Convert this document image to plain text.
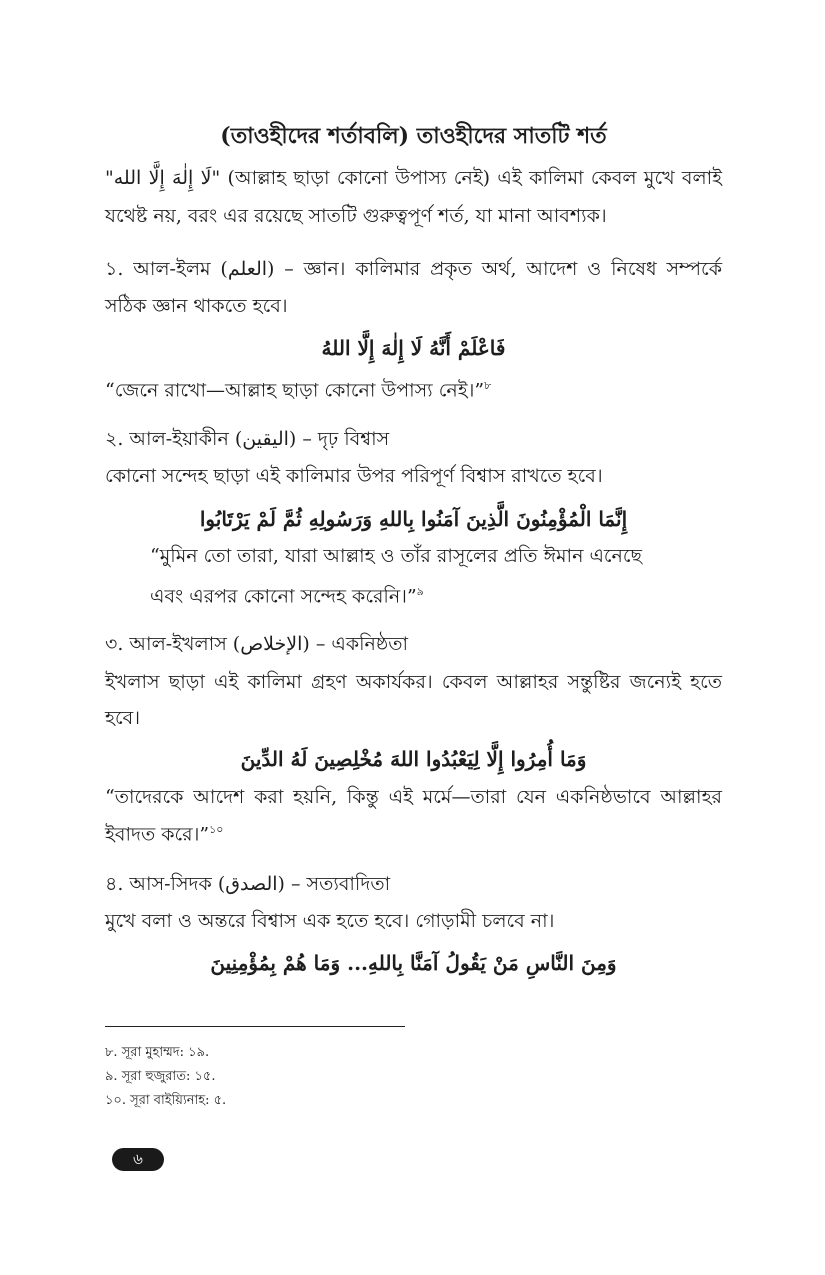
(তাওহীদের শর্তাবলি) তাওহীদের সাতটি শর্ত
"لَا إِلٰهَ إِلَّا الله" (আল্লাহ ছাড়া কোনো উপাস্য নেই) এই কালিমা কেবল মুখে বলাই
যথেষ্ট নয়, বরং এর রয়েছে সাতটি গুরুত্বপূর্ণ শর্ত, যা মানা আবশ্যক।
১. আল-ইলম (العلم) – জ্ঞান। কালিমার প্রকৃত অর্থ, আদেশ ও নিষেধ সম্পর্কে
সঠিক জ্ঞান থাকতে হবে।
فَاعْلَمْ أَنَّهُ لَا إِلٰهَ إِلَّا اللهُ
“জেনে রাখো—আল্লাহ ছাড়া কোনো উপাস্য নেই।”$^৮$
২. আল-ইয়াকীন (اليقين) – দৃঢ় বিশ্বাস
কোনো সন্দেহ ছাড়া এই কালিমার উপর পরিপূর্ণ বিশ্বাস রাখতে হবে।
إِنَّمَا الْمُؤْمِنُونَ الَّذِينَ آمَنُوا بِاللهِ وَرَسُولِهِ ثُمَّ لَمْ يَرْتَابُوا
“মুমিন তো তারা, যারা আল্লাহ ও তাঁর রাসূলের প্রতি ঈমান এনেছে
এবং এরপর কোনো সন্দেহ করেনি।”$^৯$
৩. আল-ইখলাস (الإخلاص) – একনিষ্ঠতা
ইখলাস ছাড়া এই কালিমা গ্রহণ অকার্যকর। কেবল আল্লাহর সন্তুষ্টির জন্যেই হতে
হবে।
وَمَا أُمِرُوا إِلَّا لِيَعْبُدُوا اللهَ مُخْلِصِينَ لَهُ الدِّينَ
“তাদেরকে আদেশ করা হয়নি, কিন্তু এই মর্মে—তারা যেন একনিষ্ঠভাবে আল্লাহর
ইবাদত করে।”$^{১০}$
৪. আস-সিদক (الصدق) – সত্যবাদিতা
মুখে বলা ও অন্তরে বিশ্বাস এক হতে হবে। গোড়ামী চলবে না।
وَمِنَ النَّاسِ مَنْ يَقُولُ آمَنَّا بِاللهِ... وَمَا هُمْ بِمُؤْمِنِينَ
৮. সূরা মুহাম্মদ: ১৯.
৯. সূরা হুজুরাত: ১৫.
১০. সূরা বাইয়্যিনাহ: ৫.
৬
